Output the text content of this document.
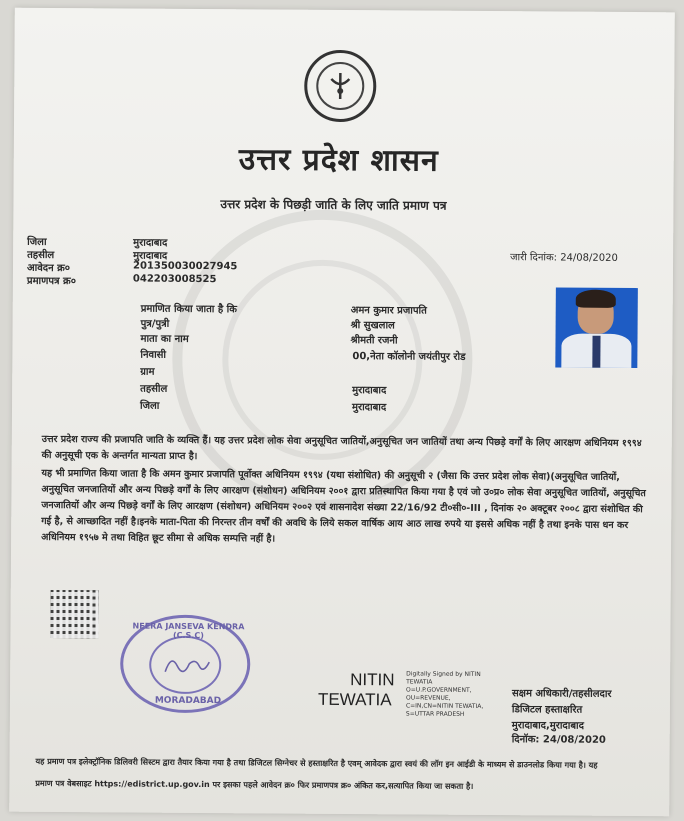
उत्तर प्रदेश शासन
उत्तर प्रदेश के पिछड़ी जाति के लिए जाति प्रमाण पत्र
जिला	मुरादाबाद
तहसील	मुरादाबाद
आवेदन क्र०	201350030027945
प्रमाणपत्र क्र०	042203008525
जारी दिनांक: 24/08/2020
प्रमाणित किया जाता है कि	अमन कुमार प्रजापति
पुत्र/पुत्री	श्री सुखलाल
माता का नाम	श्रीमती रजनी
निवासी	00,नेता कॉलोनी जयंतीपुर रोड
ग्राम
तहसील	मुरादाबाद
जिला	मुरादाबाद
उत्तर प्रदेश राज्य की प्रजापति जाति के व्यक्ति हैं। यह उत्तर प्रदेश लोक सेवा अनुसूचित जातियों,अनुसूचित जन जातियों तथा अन्य पिछड़े वर्गों के लिए आरक्षण अधिनियम १९९४ की अनुसूची एक के अन्तर्गत मान्यता प्राप्त है।
यह भी प्रमाणित किया जाता है कि अमन कुमार प्रजापति पूर्वोक्त अधिनियम १९९४ (यथा संशोधित) की अनुसूची २ (जैसा कि उत्तर प्रदेश लोक सेवा)(अनुसूचित जातियों, अनुसूचित जनजातियों और अन्य पिछड़े वर्गों के लिए आरक्षण (संशोधन) अधिनियम २००१ द्वारा प्रतिस्थापित किया गया है एवं जो उ०प्र० लोक सेवा अनुसूचित जातियों, अनुसूचित जनजातियों और अन्य पिछड़े वर्गों के लिए आरक्षण (संशोधन) अधिनियम २००२ एवं शासनादेश संख्या 22/16/92 टी०सी०-III , दिनांक २० अक्टूबर २००८ द्वारा संशोधित की गई है, से आच्छादित नहीं है।इनके माता-पिता की निरन्तर तीन वर्षों की अवधि के लिये सकल वार्षिक आय आठ लाख रुपये या इससे अधिक नहीं है तथा इनके पास धन कर अधिनियम १९५७ मे तथा विहित छूट सीमा से अधिक सम्पत्ति नहीं है।
NEERA JANSEVA KENDRA (C.S.C)
MORADABAD
NITIN
TEWATIA
Digitally Signed by NITIN TEWATIA O=U.P.GOVERNMENT, OU=REVENUE, C=IN,CN=NITIN TEWATIA, S=UTTAR PRADESH
सक्षम अधिकारी/तहसीलदार
डिजिटल हस्ताक्षरित
मुरादाबाद,मुरादाबाद
दिनॉक: 24/08/2020
यह प्रमाण पत्र इलेक्ट्रॉनिक डिलिवरी सिस्टम द्वारा तैयार किया गया है तथा डिजिटल सिग्नेचर से हस्ताक्षरित है एवम् आवेदक द्वारा स्वयं की लॉग इन आईडी के माध्यम से डाउनलोड किया गया है। यह
प्रमाण पत्र वेबसाइट https://edistrict.up.gov.in पर इसका पहले आवेदन क्र० फिर प्रमाणपत्र क्र० अंकित कर,सत्यापित किया जा सकता है।
